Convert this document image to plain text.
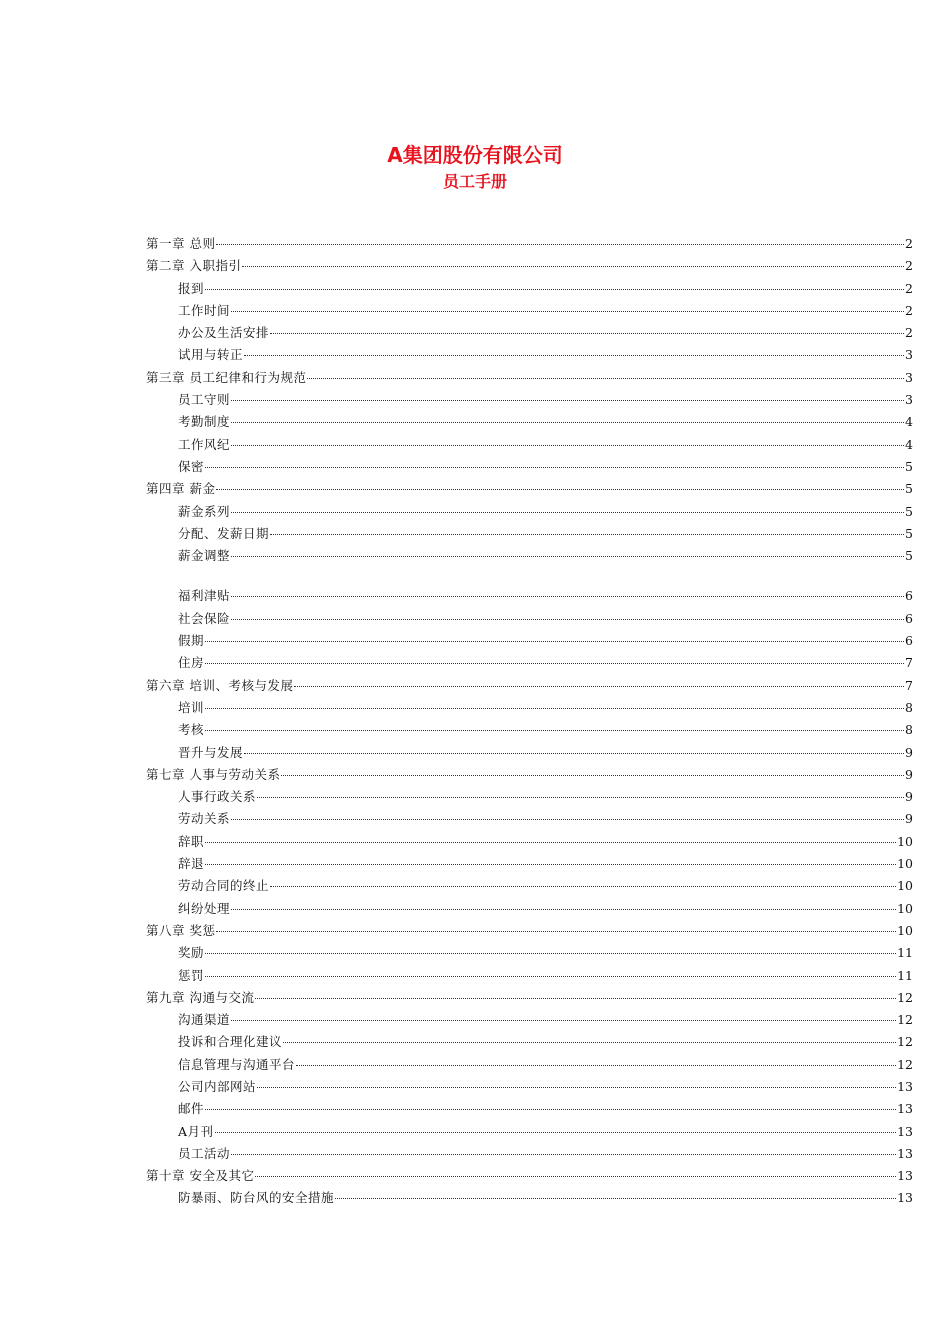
A集团股份有限公司
员工手册
第一章 总则	2
第二章 入职指引	2
报到	2
工作时间	2
办公及生活安排	2
试用与转正	3
第三章 员工纪律和行为规范	3
员工守则	3
考勤制度	4
工作风纪	4
保密	5
第四章 薪金	5
薪金系列	5
分配、发薪日期	5
薪金调整	5
福利津贴	6
社会保险	6
假期	6
住房	7
第六章 培训、考核与发展	7
培训	8
考核	8
晋升与发展	9
第七章 人事与劳动关系	9
人事行政关系	9
劳动关系	9
辞职	10
辞退	10
劳动合同的终止	10
纠纷处理	10
第八章 奖惩	10
奖励	11
惩罚	11
第九章 沟通与交流	12
沟通渠道	12
投诉和合理化建议	12
信息管理与沟通平台	12
公司内部网站	13
邮件	13
A月刊	13
员工活动	13
第十章 安全及其它	13
防暴雨、防台风的安全措施	13
